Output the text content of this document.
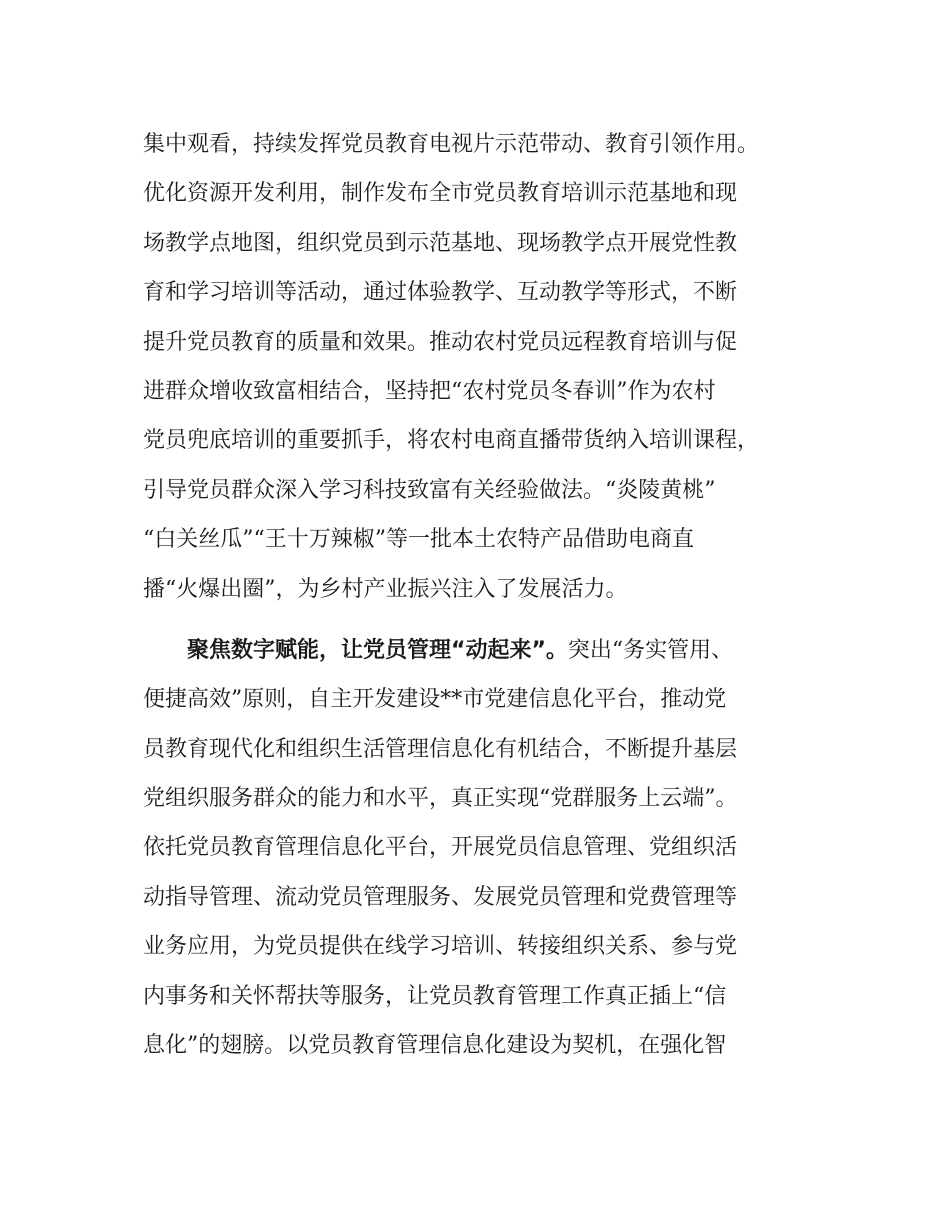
集中观看，持续发挥党员教育电视片示范带动、教育引领作用。
优化资源开发利用，制作发布全市党员教育培训示范基地和现
场教学点地图，组织党员到示范基地、现场教学点开展党性教
育和学习培训等活动，通过体验教学、互动教学等形式，不断
提升党员教育的质量和效果。推动农村党员远程教育培训与促
进群众增收致富相结合，坚持把“农村党员冬春训”作为农村
党员兜底培训的重要抓手，将农村电商直播带货纳入培训课程，
引导党员群众深入学习科技致富有关经验做法。“炎陵黄桃”
“白关丝瓜”“王十万辣椒”等一批本土农特产品借助电商直
播“火爆出圈”，为乡村产业振兴注入了发展活力。
聚焦数字赋能，让党员管理“动起来”。突出“务实管用、
便捷高效”原则，自主开发建设**市党建信息化平台，推动党
员教育现代化和组织生活管理信息化有机结合，不断提升基层
党组织服务群众的能力和水平，真正实现“党群服务上云端”。
依托党员教育管理信息化平台，开展党员信息管理、党组织活
动指导管理、流动党员管理服务、发展党员管理和党费管理等
业务应用，为党员提供在线学习培训、转接组织关系、参与党
内事务和关怀帮扶等服务，让党员教育管理工作真正插上“信
息化”的翅膀。以党员教育管理信息化建设为契机，在强化智
